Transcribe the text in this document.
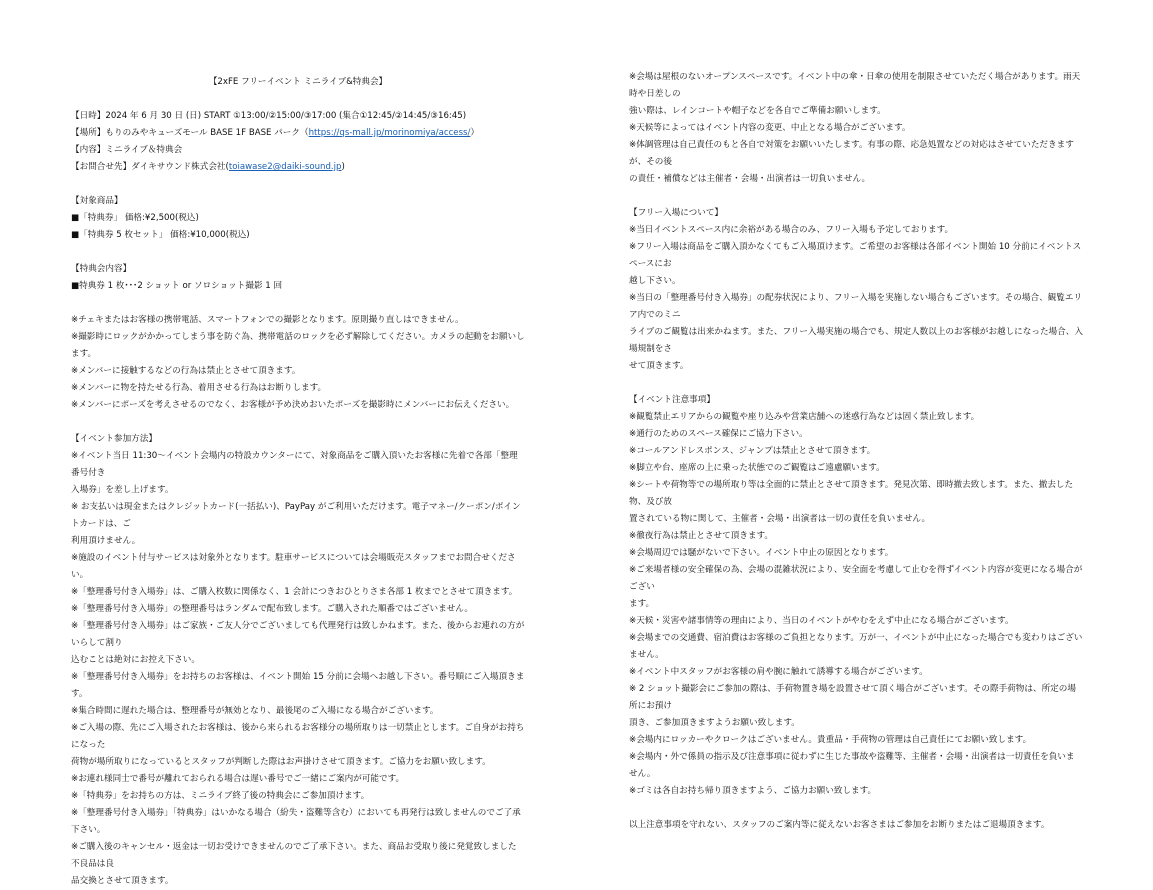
【2xFE フリーイベント ミニライブ&特典会】

【日時】2024 年 6 月 30 日 (日) START ①13:00/②15:00/③17:00 (集合①12:45/②14:45/③16:45)

【場所】もりのみやキューズモール BASE 1F BASE パーク（https://qs-mall.jp/morinomiya/access/）

【内容】ミニライブ＆特典会

【お問合せ先】ダイキサウンド株式会社(toiawase2@daiki-sound.jp)

【対象商品】

■「特典券」 価格:¥2,500(税込)

■「特典券 5 枚セット」 価格:¥10,000(税込)

【特典会内容】

■特典券 1 枚･･･2 ショット or ソロショット撮影 1 回

※チェキまたはお客様の携帯電話、スマートフォンでの撮影となります。原則撮り直しはできません。

※撮影時にロックがかかってしまう事を防ぐ為、携帯電話のロックを必ず解除してください。カメラの起動をお願いします。

※メンバーに接触するなどの行為は禁止とさせて頂きます。

※メンバーに物を持たせる行為、着用させる行為はお断りします。

※メンバーにポーズを考えさせるのでなく、お客様が予め決めおいたポーズを撮影時にメンバーにお伝えください。

【イベント参加方法】

※イベント当日 11:30～イベント会場内の特設カウンターにて、対象商品をご購入頂いたお客様に先着で各部「整理番号付き

入場券」を差し上げます。

※ お支払いは現金またはクレジットカード(一括払い)、PayPay がご利用いただけます。電子マネー/クーポン/ポイントカードは、ご

利用頂けません。

※施設のイベント付与サービスは対象外となります。駐車サービスについては会場販売スタッフまでお問合せください。

※「整理番号付き入場券」は、ご購入枚数に関係なく、1 会計につきおひとりさま各部 1 枚までとさせて頂きます。

※「整理番号付き入場券」の整理番号はランダムで配布致します。ご購入された順番ではございません。

※「整理番号付き入場券」はご家族・ご友人分でございましても代理発行は致しかねます。また、後からお連れの方がいらして割り

込むことは絶対にお控え下さい。

※「整理番号付き入場券」をお持ちのお客様は、イベント開始 15 分前に会場へお越し下さい。番号順にご入場頂きます。

※集合時間に遅れた場合は、整理番号が無効となり、最後尾のご入場になる場合がございます。

※ご入場の際、先にご入場されたお客様は、後から来られるお客様分の場所取りは一切禁止とします。ご自身がお持ちになった

荷物が場所取りになっているとスタッフが判断した際はお声掛けさせて頂きます。ご協力をお願い致します。

※お連れ様同士で番号が離れておられる場合は遅い番号でご一緒にご案内が可能です。

※「特典券」をお持ちの方は、ミニライブ終了後の特典会にご参加頂けます。

※「整理番号付き入場券」「特典券」はいかなる場合（紛失・盗難等含む）においても再発行は致しませんのでご了承下さい。

※ご購入後のキャンセル・返金は一切お受けできませんのでご了承下さい。また、商品お受取り後に発覚致しました不良品は良

品交換とさせて頂きます。

※会場は屋根のないオープンスペースです。イベント中の傘・日傘の使用を制限させていただく場合があります。雨天時や日差しの

強い際は、レインコートや帽子などを各自でご準備お願いします。

※天候等によってはイベント内容の変更、中止となる場合がございます。

※体調管理は自己責任のもと各自で対策をお願いいたします。有事の際、応急処置などの対応はさせていただきますが、その後

の責任・補償などは主催者・会場・出演者は一切負いません。

【フリー入場について】

※当日イベントスペース内に余裕がある場合のみ、フリー入場も予定しております。

※フリー入場は商品をご購入頂かなくてもご入場頂けます。ご希望のお客様は各部イベント開始 10 分前にイベントスペースにお

越し下さい。

※当日の「整理番号付き入場券」の配券状況により、フリー入場を実施しない場合もございます。その場合、観覧エリア内でのミニ

ライブのご観覧は出来かねます。また、フリー入場実施の場合でも、規定人数以上のお客様がお越しになった場合、入場規制をさ

せて頂きます。

【イベント注意事項】

※観覧禁止エリアからの観覧や座り込みや営業店舗への迷惑行為などは固く禁止致します。

※通行のためのスペース確保にご協力下さい。

※コールアンドレスポンス、ジャンプは禁止とさせて頂きます。

※脚立や台、座席の上に乗った状態でのご観覧はご遠慮願います。

※シートや荷物等での場所取り等は全面的に禁止とさせて頂きます。発見次第、即時撤去致します。また、撤去した物、及び放

置されている物に関して、主催者・会場・出演者は一切の責任を負いません。

※徹夜行為は禁止とさせて頂きます。

※会場周辺では騒がないで下さい。イベント中止の原因となります。

※ご来場者様の安全確保の為、会場の混雑状況により、安全面を考慮して止むを得ずイベント内容が変更になる場合がござい

ます。

※天候・災害や諸事情等の理由により、当日のイベントがやむをえず中止になる場合がございます。

※会場までの交通費、宿泊費はお客様のご負担となります。万が一、イベントが中止になった場合でも変わりはございません。

※イベント中スタッフがお客様の肩や腕に触れて誘導する場合がございます。

※ 2 ショット撮影会にご参加の際は、手荷物置き場を設置させて頂く場合がございます。その際手荷物は、所定の場所にお預け

頂き、ご参加頂きますようお願い致します。

※会場内にロッカーやクロークはございません。貴重品・手荷物の管理は自己責任にてお願い致します。

※会場内・外で係員の指示及び注意事項に従わずに生じた事故や盗難等、主催者・会場・出演者は一切責任を負いません。

※ゴミは各自お持ち帰り頂きますよう、ご協力お願い致します。

以上注意事項を守れない、スタッフのご案内等に従えないお客さまはご参加をお断りまたはご退場頂きます。
